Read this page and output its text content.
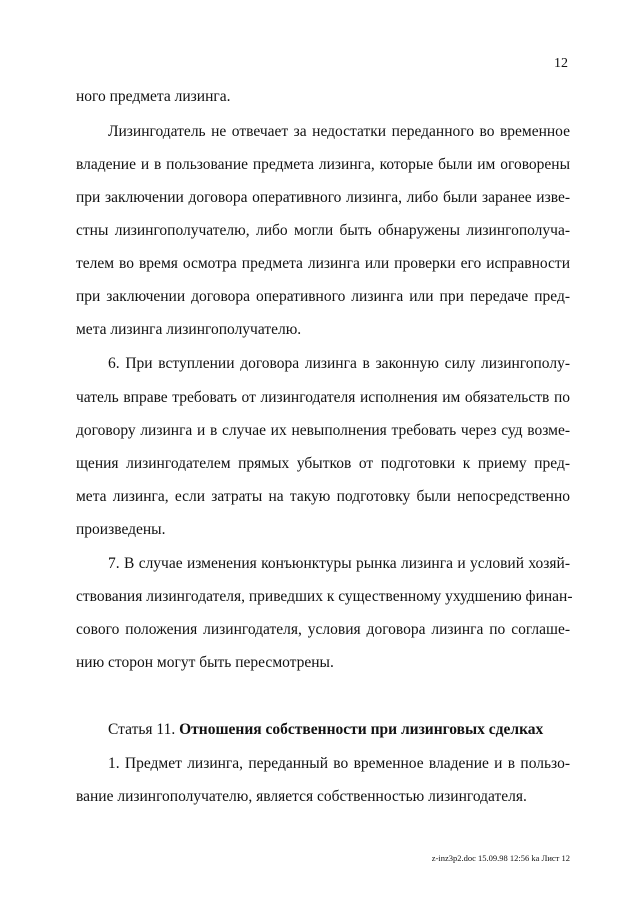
12
ного предмета лизинга.
Лизингодатель не отвечает за недостатки переданного во временное
владение и в пользование предмета лизинга, которые были им оговорены
при заключении договора оперативного лизинга, либо были заранее изве-
стны лизингополучателю, либо могли быть обнаружены лизингополуча-
телем во время осмотра предмета лизинга или проверки его исправности
при заключении договора оперативного лизинга или при передаче пред-
мета лизинга лизингополучателю.
6. При вступлении договора лизинга в законную силу лизингополу-
чатель вправе требовать от лизингодателя исполнения им обязательств по
договору лизинга и в случае их невыполнения требовать через суд возме-
щения лизингодателем прямых убытков от подготовки к приему пред-
мета лизинга, если затраты на такую подготовку были непосредственно
произведены.
7. В случае изменения конъюнктуры рынка лизинга и условий хозяй-
ствования лизингодателя, приведших к существенному ухудшению финан-
сового положения лизингодателя, условия договора лизинга по соглаше-
нию сторон могут быть пересмотрены.
Статья 11. Отношения собственности при лизинговых сделках
1. Предмет лизинга, переданный во временное владение и в пользо-
вание лизингополучателю, является собственностью лизингодателя.
z-inz3p2.doc 15.09.98 12:56 ka Лист 12
